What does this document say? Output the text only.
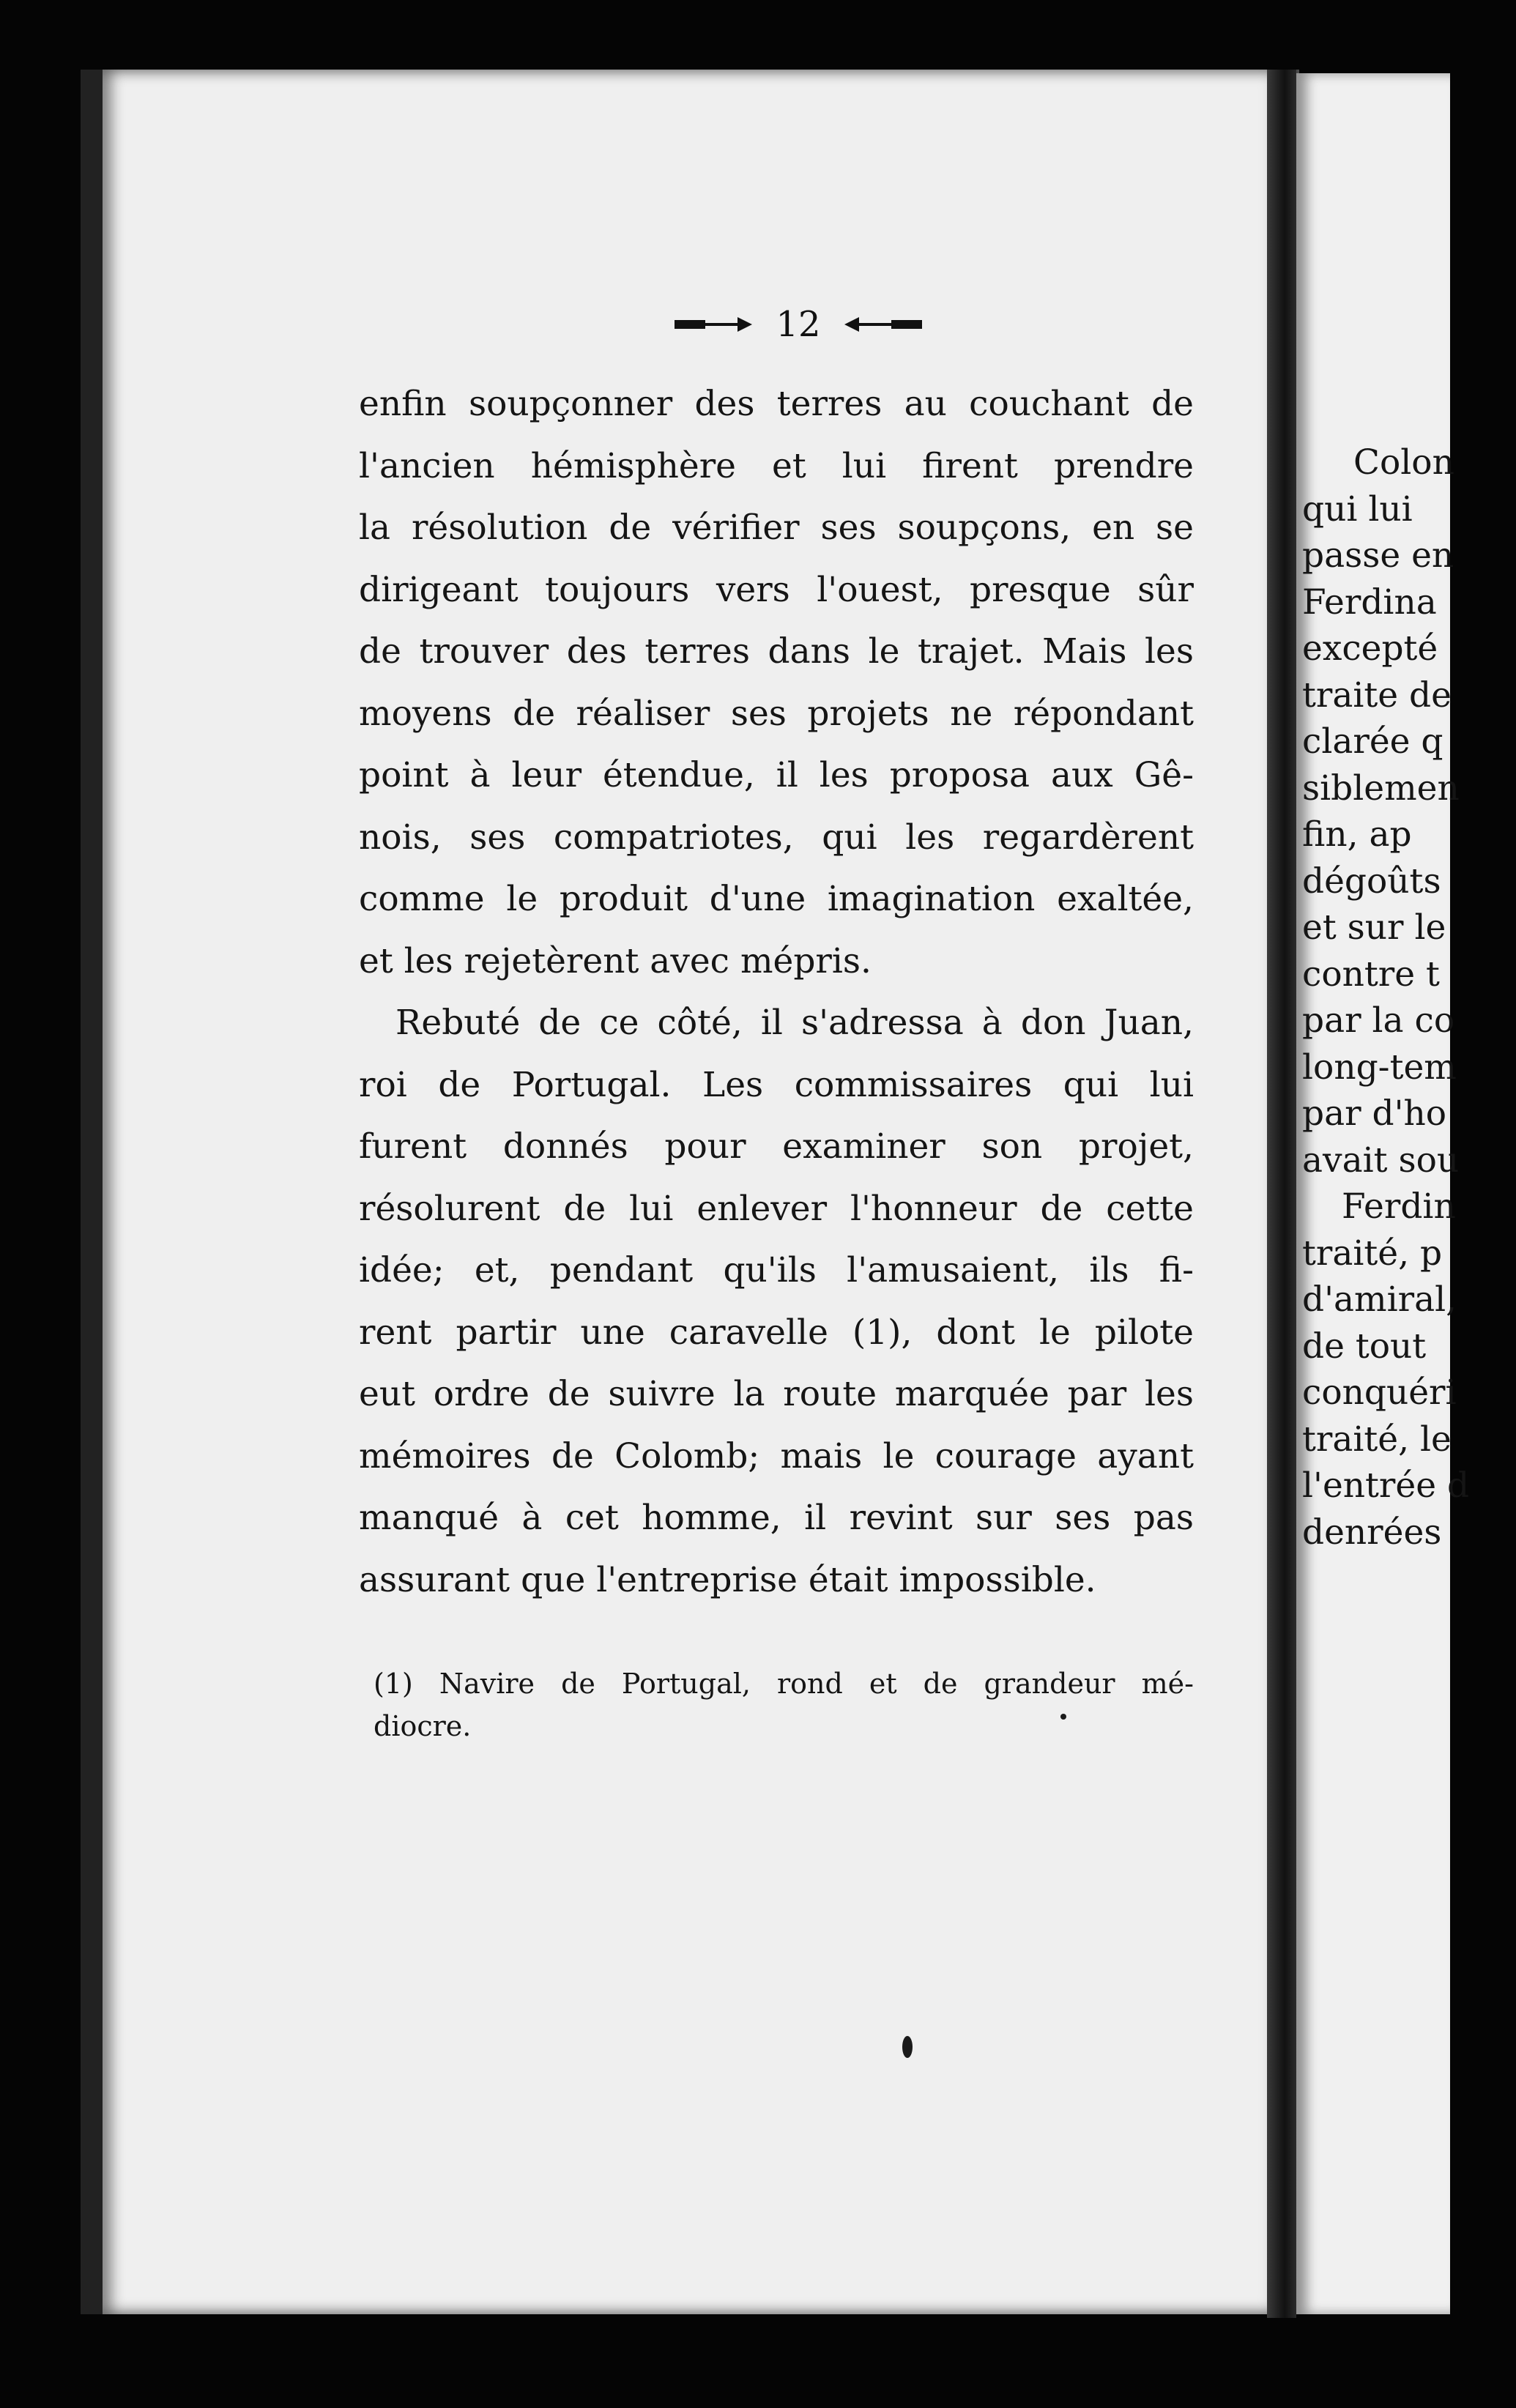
Colon
qui lui
passe en
Ferdina
excepté
traite de
clarée q
siblemen
fin, ap
dégoûts
et sur le
contre t
par la co
long-tem
par d'ho
avait sou
Ferdin
traité, p
d'amiral,
de tout
conquéri
traité, le
l'entrée d
denrées
12
enfin soupçonner des terres au couchant de
l'ancien hémisphère et lui firent prendre
la résolution de vérifier ses soupçons, en se
dirigeant toujours vers l'ouest, presque sûr
de trouver des terres dans le trajet. Mais les
moyens de réaliser ses projets ne répondant
point à leur étendue, il les proposa aux Gê-
nois, ses compatriotes, qui les regardèrent
comme le produit d'une imagination exaltée,
et les rejetèrent avec mépris.
Rebuté de ce côté, il s'adressa à don Juan,
roi de Portugal. Les commissaires qui lui
furent donnés pour examiner son projet,
résolurent de lui enlever l'honneur de cette
idée; et, pendant qu'ils l'amusaient, ils fi-
rent partir une caravelle (1), dont le pilote
eut ordre de suivre la route marquée par les
mémoires de Colomb; mais le courage ayant
manqué à cet homme, il revint sur ses pas
assurant que l'entreprise était impossible.
(1) Navire de Portugal, rond et de grandeur mé-
diocre.
